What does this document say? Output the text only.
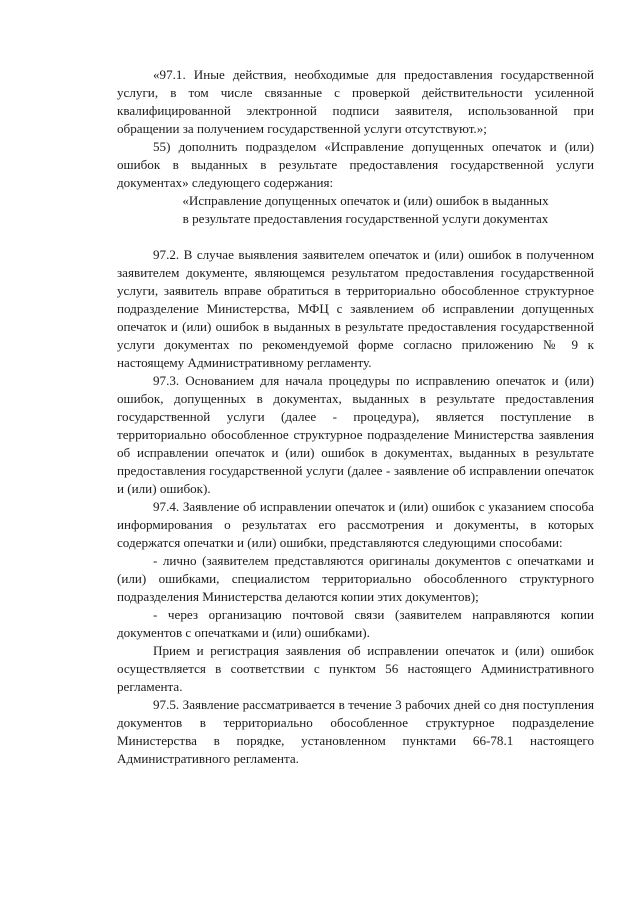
«97.1. Иные действия, необходимые для предоставления государственной услуги, в том числе связанные с проверкой действительности усиленной квалифицированной электронной подписи заявителя, использованной при обращении за получением государственной услуги отсутствуют.»;

55) дополнить подразделом «Исправление допущенных опечаток и (или) ошибок в выданных в результате предоставления государственной услуги документах» следующего содержания:

«Исправление допущенных опечаток и (или) ошибок в выданных

в результате предоставления государственной услуги документах

97.2. В случае выявления заявителем опечаток и (или) ошибок в полученном заявителем документе, являющемся результатом предоставления государственной услуги, заявитель вправе обратиться в территориально обособленное структурное подразделение Министерства, МФЦ с заявлением об исправлении допущенных опечаток и (или) ошибок в выданных в результате предоставления государственной услуги документах по рекомендуемой форме согласно приложению № 9 к настоящему Административному регламенту.

97.3. Основанием для начала процедуры по исправлению опечаток и (или) ошибок, допущенных в документах, выданных в результате предоставления государственной услуги (далее - процедура), является поступление в территориально обособленное структурное подразделение Министерства заявления об исправлении опечаток и (или) ошибок в документах, выданных в результате предоставления государственной услуги (далее - заявление об исправлении опечаток и (или) ошибок).

97.4. Заявление об исправлении опечаток и (или) ошибок с указанием способа информирования о результатах его рассмотрения и документы, в которых содержатся опечатки и (или) ошибки, представляются следующими способами:

- лично (заявителем представляются оригиналы документов с опечатками и (или) ошибками, специалистом территориально обособленного структурного подразделения Министерства делаются копии этих документов);

- через организацию почтовой связи (заявителем направляются копии документов с опечатками и (или) ошибками).

Прием и регистрация заявления об исправлении опечаток и (или) ошибок осуществляется в соответствии с пунктом 56 настоящего Административного регламента.

97.5. Заявление рассматривается в течение 3 рабочих дней со дня поступления документов в территориально обособленное структурное подразделение Министерства в порядке, установленном пунктами 66-78.1 настоящего Административного регламента.
